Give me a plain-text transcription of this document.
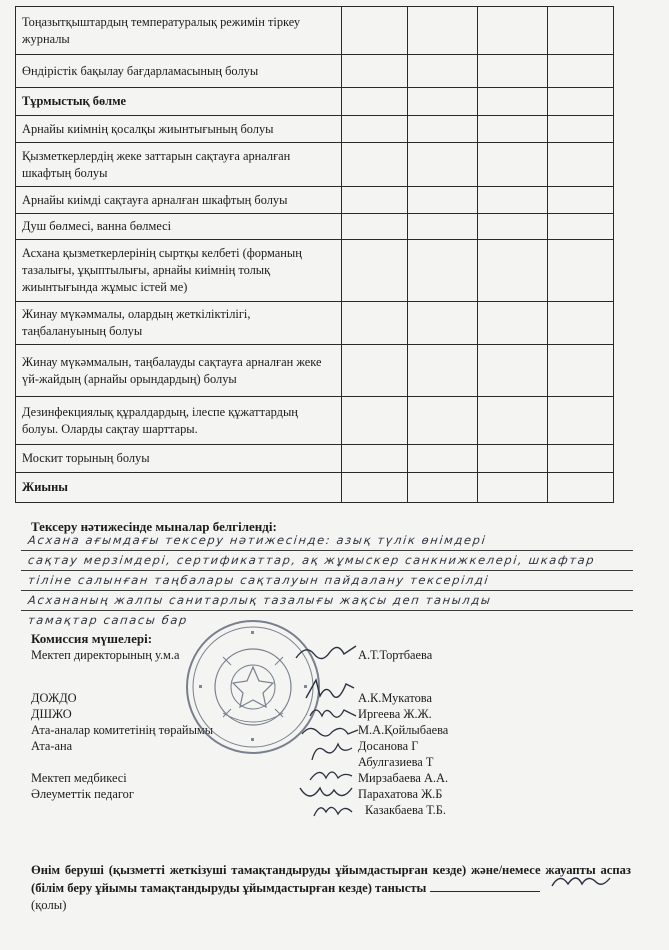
Тоңазытқыштардың температуралық режимін тіркеу журналы				
Өндірістік бақылау бағдарламасының болуы				
Тұрмыстық бөлме				
Арнайы киімнің қосалқы жиынтығының болуы				
Қызметкерлердің жеке заттарын сақтауға арналған шкафтың болуы				
Арнайы киімді сақтауға арналған шкафтың болуы				
Душ бөлмесі, ванна бөлмесі				
Асхана қызметкерлерінің сыртқы келбеті (форманың тазалығы, ұқыптылығы, арнайы киімнің толық жиынтығында жұмыс істей ме)				
Жинау мүкәммалы, олардың жеткіліктілігі, таңбалануының болуы				
Жинау мүкәммалын, таңбалауды сақтауға арналған жеке үй-жайдың (арнайы орындардың) болуы				
Дезинфекциялық құралдардың, ілеспе құжаттардың болуы. Оларды сақтау шарттары.				
Москит торының болуы				
Жиыны				
Тексеру нәтижесінде мыналар белгіленді:
Асхана ағымдағы тексеру нәтижесінде: азық түлік өнімдері
сақтау мерзімдері, сертификаттар, ақ жұмыскер санкнижкелері, шкафтар
тіліне салынған таңбалары сақталуын пайдалану тексерілді
Асхананың жалпы санитарлық тазалығы жақсы деп танылды
тамақтар сапасы бар
Комиссия мүшелері:
Мектеп директорының у.м.а
ДОЖДО
ДШЖО
Ата-аналар комитетінің төрайымы
Ата-ана
Мектеп медбикесі
Әлеуметтік педагог
А.Т.Тортбаева
А.К.Мукатова
Иргеева Ж.Ж.
М.А.Қойлыбаева
Досанова Г
Абулгазиева Т
Мирзабаева А.А.
Парахатова Ж.Б
Казакбаева Т.Б.
Өнім беруші (қызметті жеткізуші тамақтандыруды ұйымдастырған кезде) және/немесе жауапты аспаз (білім беру ұйымы тамақтандыруды ұйымдастырған кезде) танысты
(қолы)
